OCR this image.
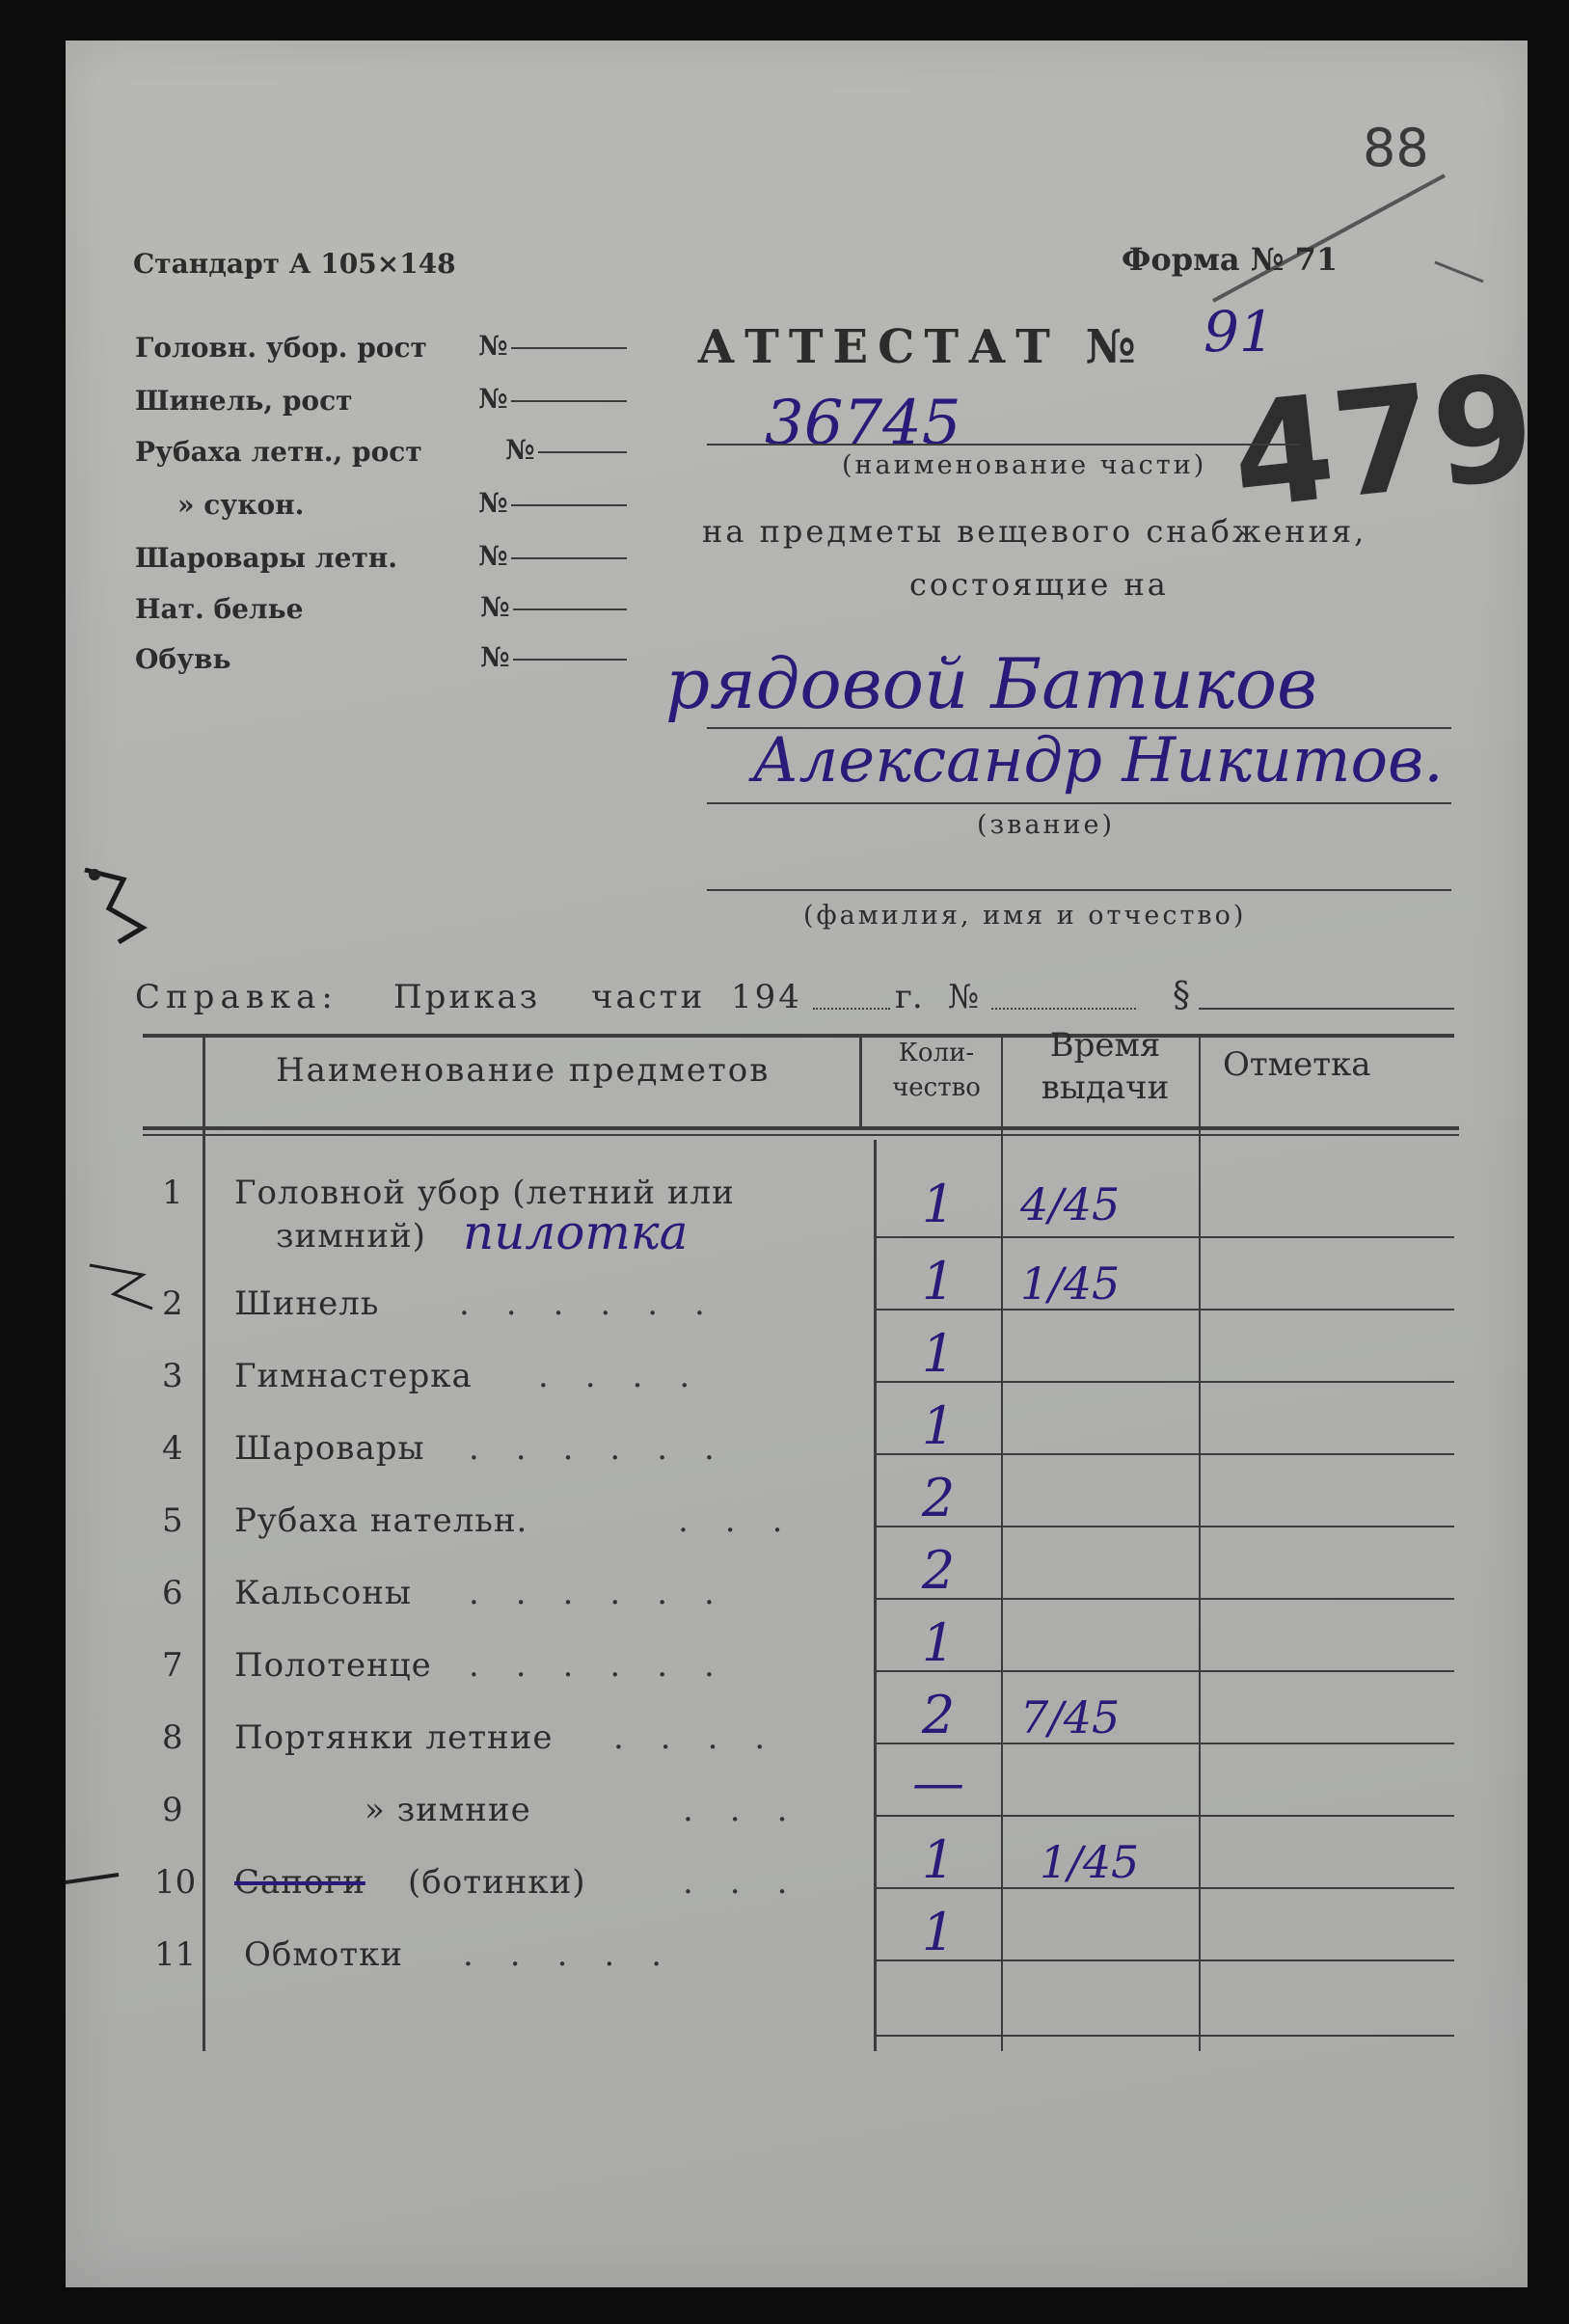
88
Стандарт А 105×148	Форма № 71
Головн. убор. рост №
Шинель, рост	№
Рубаха летн., рост	№
» сукон.	№
Шаровары летн.	№
Нат. белье	№
Обувь	№
АТТЕСТАТ № 91
479
36745
(наименование части)
на предметы вещевого снабжения,
состоящие на
рядовой Батиков
Александр Никитов.
(звание)
(фамилия, имя и отчество)
Справка: Приказ части 194	г. №	§
Наименование предметов	Коли-
чество
Время
выдачи
Отметка
1 Головной убор (летний или
зимний) пилотка	1	4/45
2 Шинель ......	1	1/45
3 Гимнастерка ....	1
4 Шаровары ......	1
5 Рубаха нательн.	...	2
6 Кальсоны ......	2
7 Полотенце ......	1
8 Портянки летние ....	2	7/45
9	» зимние	...	—
10 Сапоги (ботинки)	...	1	1/45
11 Обмотки .....	1
